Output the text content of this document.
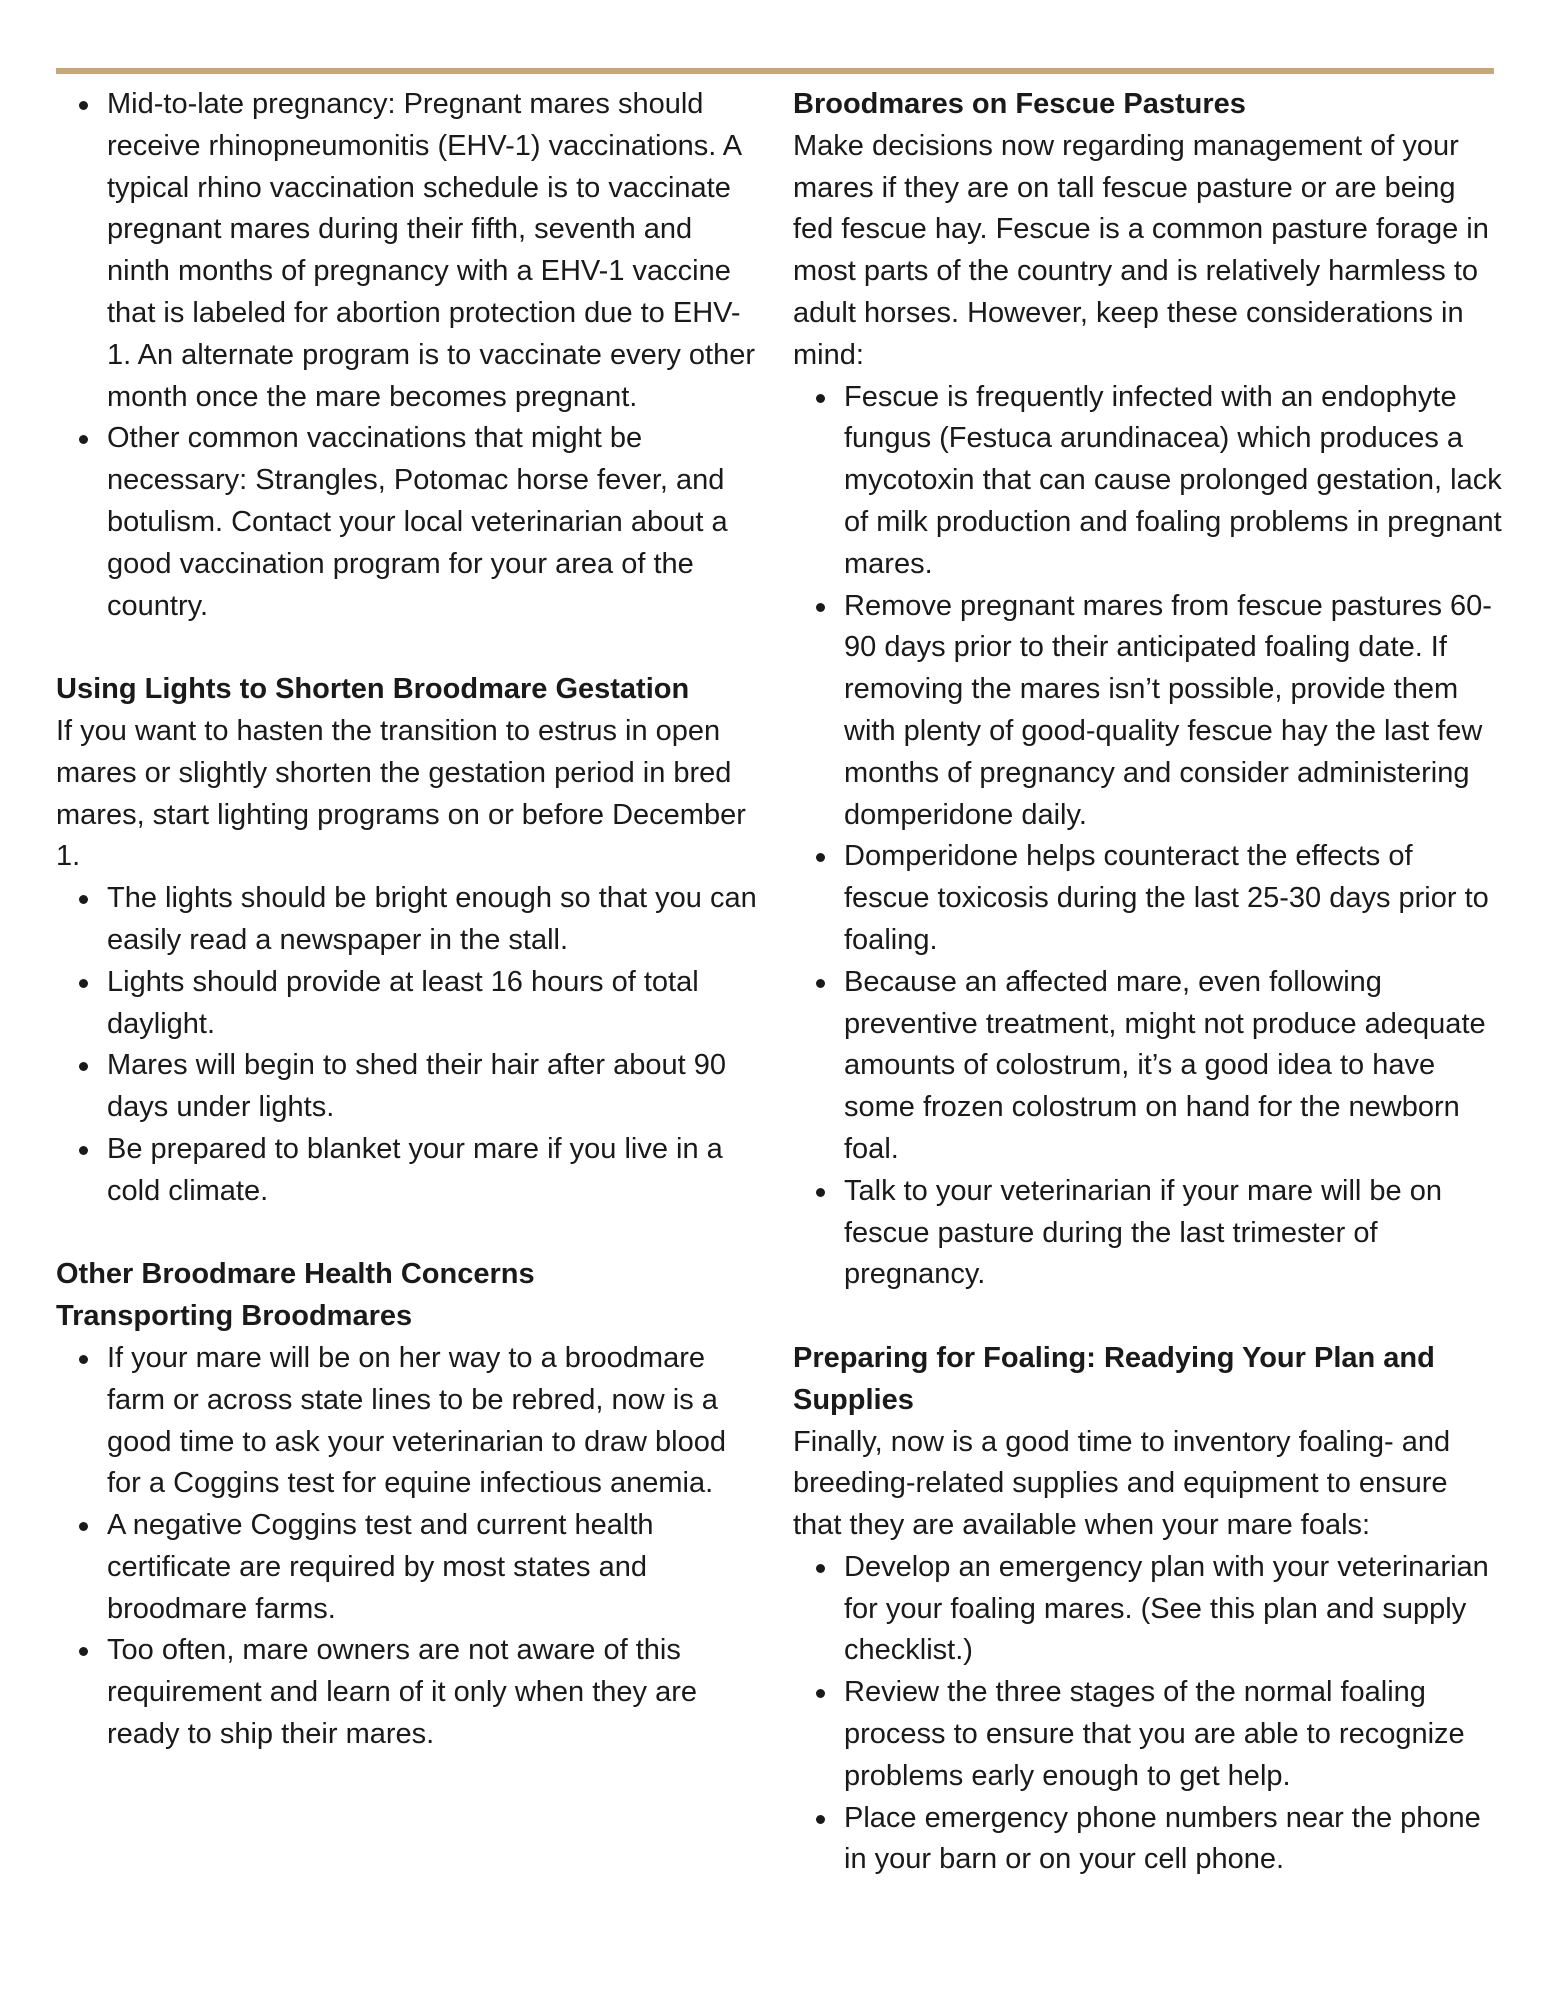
Mid-to-late pregnancy: Pregnant mares should receive rhinopneumonitis (EHV-1) vaccinations. A typical rhino vaccination schedule is to vaccinate pregnant mares during their fifth, seventh and ninth months of pregnancy with a EHV-1 vaccine that is labeled for abortion protection due to EHV-1. An alternate program is to vaccinate every other month once the mare becomes pregnant.
Other common vaccinations that might be necessary: Strangles, Potomac horse fever, and botulism. Contact your local veterinarian about a good vaccination program for your area of the country.

Using Lights to Shorten Broodmare Gestation

If you want to hasten the transition to estrus in open mares or slightly shorten the gestation period in bred mares, start lighting programs on or before December 1.

The lights should be bright enough so that you can easily read a newspaper in the stall.
Lights should provide at least 16 hours of total daylight.
Mares will begin to shed their hair after about 90 days under lights.
Be prepared to blanket your mare if you live in a cold climate.

Other Broodmare Health Concerns

Transporting Broodmares

If your mare will be on her way to a broodmare farm or across state lines to be rebred, now is a good time to ask your veterinarian to draw blood for a Coggins test for equine infectious anemia.
A negative Coggins test and current health certificate are required by most states and broodmare farms.
Too often, mare owners are not aware of this requirement and learn of it only when they are ready to ship their mares.

Broodmares on Fescue Pastures

Make decisions now regarding management of your mares if they are on tall fescue pasture or are being fed fescue hay. Fescue is a common pasture forage in most parts of the country and is relatively harmless to adult horses. However, keep these considerations in mind:

Fescue is frequently infected with an endophyte fungus (Festuca arundinacea) which produces a mycotoxin that can cause prolonged gestation, lack of milk production and foaling problems in pregnant mares.
Remove pregnant mares from fescue pastures 60-90 days prior to their anticipated foaling date. If removing the mares isn’t possible, provide them with plenty of good-quality fescue hay the last few months of pregnancy and consider administering domperidone daily.
Domperidone helps counteract the effects of fescue toxicosis during the last 25-30 days prior to foaling.
Because an affected mare, even following preventive treatment, might not produce adequate amounts of colostrum, it’s a good idea to have some frozen colostrum on hand for the newborn foal.
Talk to your veterinarian if your mare will be on fescue pasture during the last trimester of pregnancy.

Preparing for Foaling: Readying Your Plan and Supplies

Finally, now is a good time to inventory foaling- and breeding-related supplies and equipment to ensure that they are available when your mare foals:

Develop an emergency plan with your veterinarian for your foaling mares. (See this plan and supply checklist.)
Review the three stages of the normal foaling process to ensure that you are able to recognize problems early enough to get help.
Place emergency phone numbers near the phone in your barn or on your cell phone.
